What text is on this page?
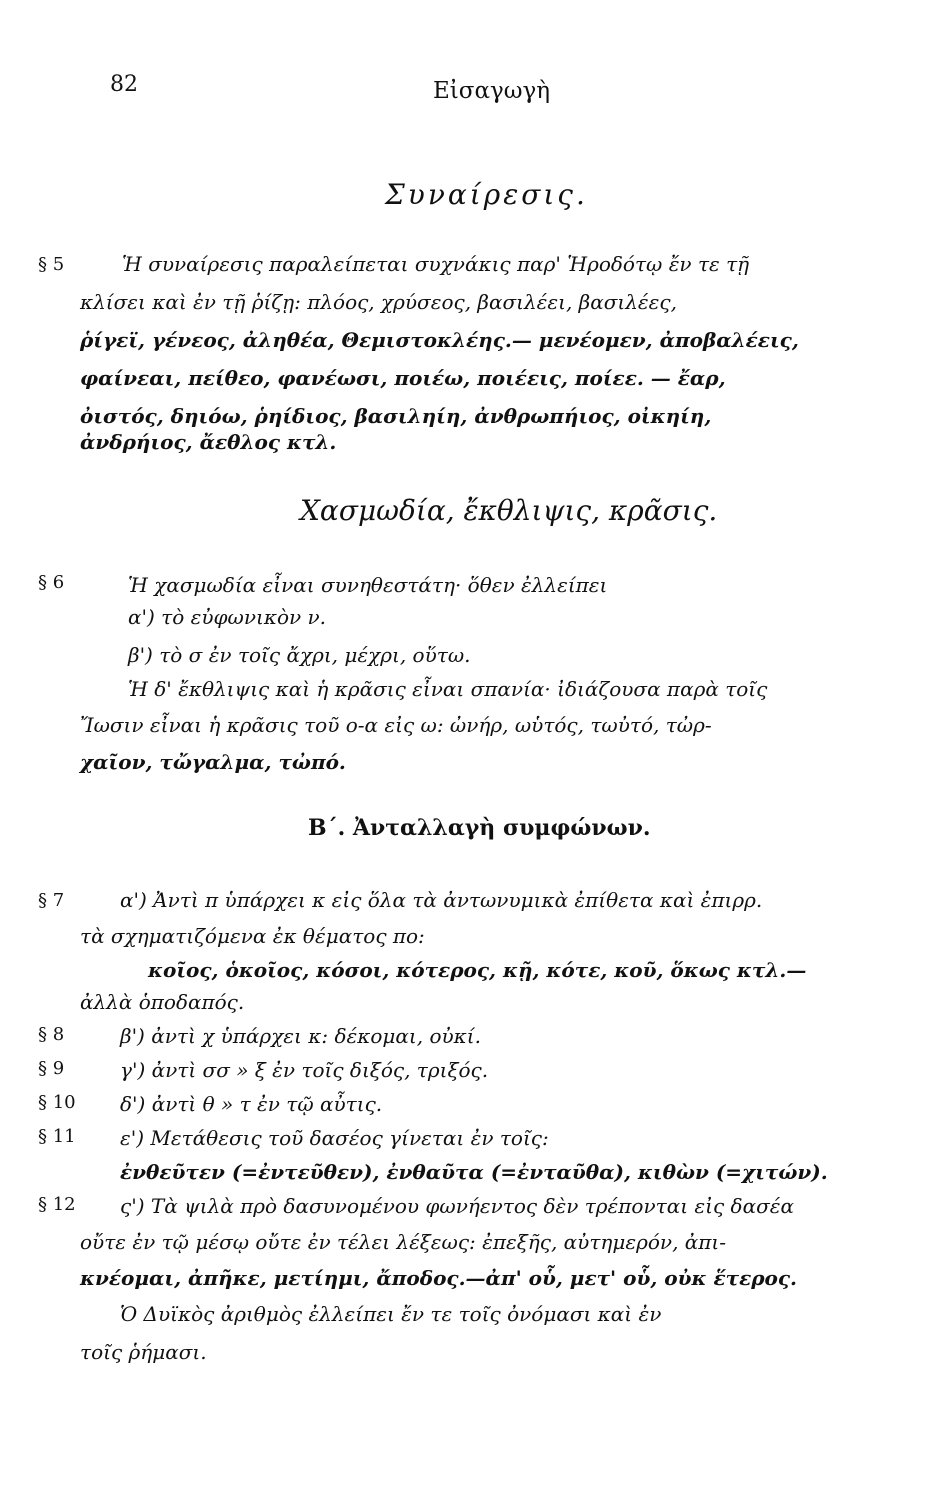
82	Εἰσαγωγὴ
Συναίρεσις.
§ 5	Ἡ συναίρεσις παραλείπεται συχνάκις παρ' Ἡροδότῳ ἔν τε τῇ
κλίσει καὶ ἐν τῇ ῥίζῃ: πλόος, χρύσεος, βασιλέει, βασιλέες,
ῥίγεϊ, γένεος, ἀληθέα, Θεμιστοκλέης.— μενέομεν, ἀποβαλέεις,
φαίνεαι, πείθεο, φανέωσι, ποιέω, ποιέεις, ποίεε. — ἔαρ,
ὀιστός, δηιόω, ῥηίδιος, βασιληίη, ἀνθρωπήιος, οἰκηίη,
ἀνδρήιος, ἄεθλος κτλ.
Χασμωδία, ἔκθλιψις, κρᾶσις.
§ 6	Ἡ χασμωδία εἶναι συνηθεστάτη· ὅθεν ἐλλείπει
α') τὸ εὐφωνικὸν ν.
β') τὸ σ ἐν τοῖς ἄχρι, μέχρι, οὕτω.
Ἡ δ' ἔκθλιψις καὶ ἡ κρᾶσις εἶναι σπανία· ἰδιάζουσα παρὰ τοῖς
Ἴωσιν εἶναι ἡ κρᾶσις τοῦ ο-α εἰς ω: ὠνήρ, ωὑτός, τωὐτό, τὠρ-
χαῖον, τὤγαλμα, τὠπό.
Β΄. Ἀνταλλαγὴ συμφώνων.
§ 7	α') Ἀντὶ π ὑπάρχει κ εἰς ὅλα τὰ ἀντωνυμικὰ ἐπίθετα καὶ ἐπιρρ.
τὰ σχηματιζόμενα ἐκ θέματος πο:
κοῖος, ὁκοῖος, κόσοι, κότερος, κῇ, κότε, κοῦ, ὅκως κτλ.—
ἀλλὰ ὁποδαπός.
§ 8	β') ἀντὶ χ ὑπάρχει κ: δέκομαι, οὐκί.
§ 9	γ') ἀντὶ σσ » ξ ἐν τοῖς διξός, τριξός.
§ 10 δ') ἀντὶ θ » τ ἐν τῷ αὖτις.
§ 11 ε') Μετάθεσις τοῦ δασέος γίνεται ἐν τοῖς:
ἐνθεῦτεν (=ἐντεῦθεν), ἐνθαῦτα (=ἐνταῦθα), κιθὼν (=χιτών).
§ 12 ς') Τὰ ψιλὰ πρὸ δασυνομένου φωνήεντος δὲν τρέπονται εἰς δασέα
οὔτε ἐν τῷ μέσῳ οὔτε ἐν τέλει λέξεως: ἐπεξῆς, αὐτημερόν, ἀπι-
κνέομαι, ἀπῆκε, μετίημι, ἄποδος.—ἀπ' οὗ, μετ' οὗ, οὐκ ἕτερος.
Ὁ Δυϊκὸς ἀριθμὸς ἐλλείπει ἔν τε τοῖς ὀνόμασι καὶ ἐν
τοῖς ῥήμασι.
